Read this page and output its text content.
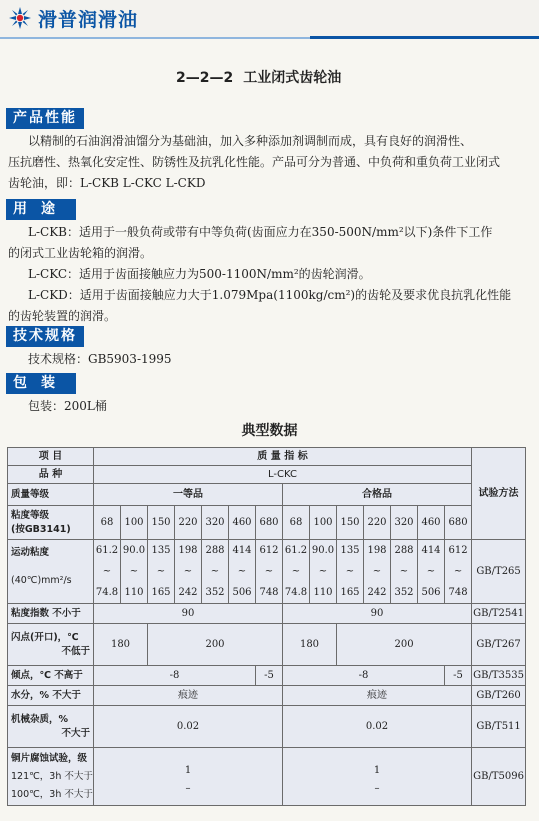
滑普润滑油
2—2—2 工业闭式齿轮油
产品性能
以精制的石油润滑油馏分为基础油，加入多种添加剂调制而成，具有良好的润滑性、
压抗磨性、热氧化安定性、防锈性及抗乳化性能。产品可分为普通、中负荷和重负荷工业闭式
齿轮油，即：L-CKB L-CKC L-CKD
用途
L-CKB：适用于一般负荷或带有中等负荷(齿面应力在350-500N/mm²以下)条件下工作
的闭式工业齿轮箱的润滑。
L-CKC：适用于齿面接触应力为500-1100N/mm²的齿轮润滑。
L-CKD：适用于齿面接触应力大于1.079Mpa(1100kg/cm²)的齿轮及要求优良抗乳化性能
的齿轮装置的润滑。
技术规格
技术规格：GB5903-1995
包装
包装：200L桶
典型数据
项 目	质 量 指 标														试验方法
品 种	L-CKC														
质量等级	一等品							合格品							
粘度等级
(按GB3141)	68	100	150	220	320	460	680	68	100	150	220	320	460	680	
运动粘度

(40℃)mm²/s	61.2
~
74.8	90.0
~
110	135
~
165	198
~
242	288
~
352	414
~
506	612
~
748	61.2
~
74.8	90.0
~
110	135
~
165	198
~
242	288
~
352	414
~
506	612
~
748	GB/T265
粘度指数 不小于	90							90							GB/T2541
闪点(开口)，℃

不低于	180		200					180		200					GB/T267
倾点，℃ 不高于	-8						-5	-8						-5	GB/T3535
水分，% 不大于	痕迹							痕迹							GB/T260
机械杂质，%

不大于	0.02							0.02							GB/T511
铜片腐蚀试验，级
121℃，3h 不大于
100℃，3h 不大于	1
–							1
–							GB/T5096
